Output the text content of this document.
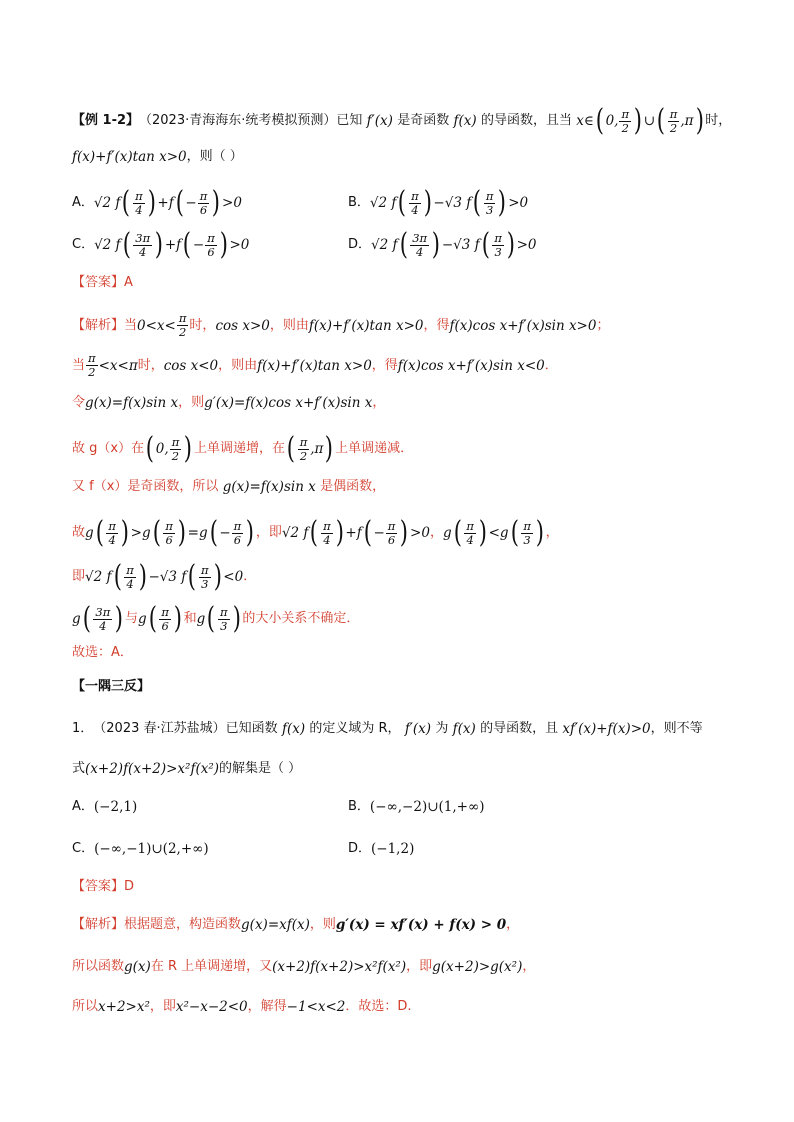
【例 1-2】 （2023·青海海东·统考模拟预测） 已知 f′(x) 是奇函数 f(x) 的导函数，且当 x∈ ( 0, $\frac{\pi}{2}$ ) ∪ ( $\frac{\pi}{2} ,\pi$ ) 时，
f(x)+f′(x)tan x>0 ，则（ ）
A． √2 f ( $\frac{\pi}{4}$ ) +f ( − $\frac{\pi}{6}$ ) >0	B． √2 f ( $\frac{\pi}{4}$ ) −√3 f ( $\frac{\pi}{3}$ ) >0
C． √2 f ( $\frac{3\pi}{4}$ ) +f ( − $\frac{\pi}{6}$ ) >0	D． √2 f ( $\frac{3\pi}{4}$ ) −√3 f ( $\frac{\pi}{3}$ ) >0
【答案】 A
【解析】 当 $0<x< \frac{\pi}{2}$ 时， cos x>0 ，则由 f(x)+f′(x)tan x>0 ，得 f(x)cos x+f′(x)sin x>0 ；
当 $\frac{\pi}{2} <x<\pi$ 时， cos x<0 ，则由 f(x)+f′(x)tan x>0 ，得 f(x)cos x+f′(x)sin x<0 ．
令 g(x)=f(x)sin x ，则 g′(x)=f(x)cos x+f′(x)sin x ，
故 g（x）在 ( 0, $\frac{\pi}{2}$ ) 上单调递增，在 ( $\frac{\pi}{2} ,\pi$ ) 上单调递减．
又 f（x）是奇函数，所以 g(x)=f(x)sin x 是偶函数，
故 g ( $\frac{\pi}{4}$ ) >g ( $\frac{\pi}{6}$ ) =g ( − $\frac{\pi}{6}$ ) ，即 √2 f ( $\frac{\pi}{4}$ ) +f ( − $\frac{\pi}{6}$ ) >0 ， g ( $\frac{\pi}{4}$ ) <g ( $\frac{\pi}{3}$ ) ，
即 √2 f ( $\frac{\pi}{4}$ ) −√3 f ( $\frac{\pi}{3}$ ) <0 ．
g ( $\frac{3\pi}{4}$ ) 与 g ( $\frac{\pi}{6}$ ) 和 g ( $\frac{\pi}{3}$ ) 的大小关系不确定．
故选：A．
【一隅三反】
1． （2023 春·江苏盐城） 已知函数 f(x) 的定义域为 R， f′(x) 为 f(x) 的导函数，且 xf′(x)+f(x)>0 ，则不等
式 (x+2)f(x+2)>x²f(x²) 的解集是（ ）
A． (−2,1)	B． (−∞,−2)∪(1,+∞)
C． (−∞,−1)∪(2,+∞)	D． (−1,2)
【答案】 D
【解析】 根据题意，构造函数 g(x)=xf(x) ，则 g′(x) = xf′(x) + f(x) > 0 ，
所以函数 g(x) 在 R 上单调递增，又 (x+2)f(x+2)>x²f(x²) ，即 g(x+2)>g(x²) ，
所以 x+2>x² ，即 x²−x−2<0 ，解得 −1<x<2 ．故选：D.
